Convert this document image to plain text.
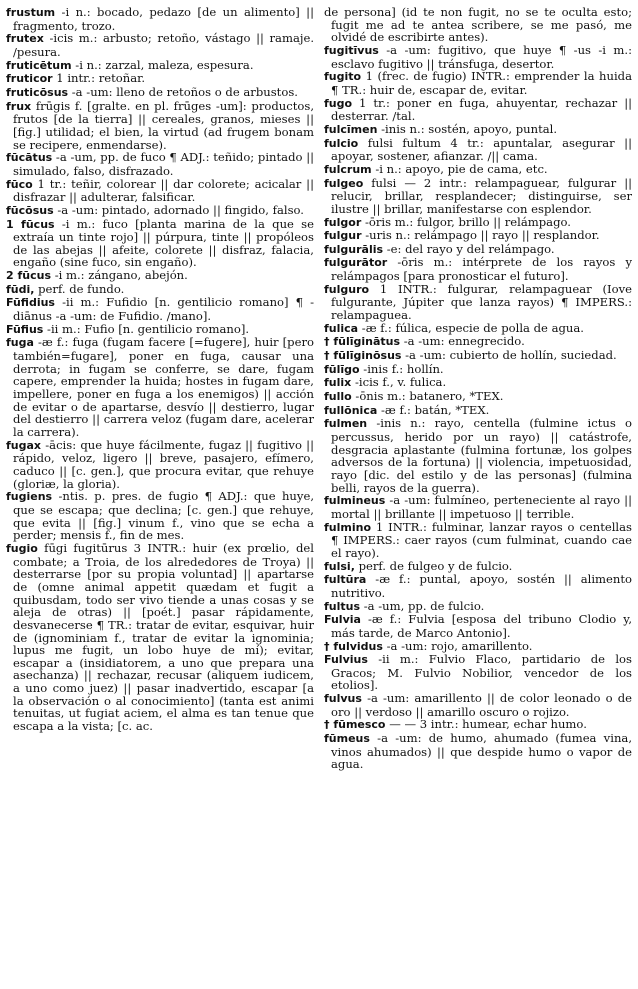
frustum -i n.: bocado, pedazo [de un alimento] || fragmento, trozo.

frutex -icis m.: arbusto; retoño, vástago || ramaje. /pesura.

fruticētum -i n.: zarzal, maleza, espesura.

fruticor 1 intr.: retoñar.

fruticōsus -a -um: lleno de retoños o de arbustos.

frux frūgis f. [gralte. en pl. frūges -um]: productos, frutos [de la tierra] || cereales, granos, mieses || [fig.] utilidad; el bien, la virtud (ad frugem bonam se recipere, enmendarse).

fūcātus -a -um, pp. de fuco ¶ ADJ.: teñido; pintado || simulado, falso, disfrazado.

fūco 1 tr.: teñir, colorear || dar colorete; acicalar || disfrazar || adulterar, falsificar.

fūcōsus -a -um: pintado, adornado || fingido, falso.

1 fūcus -i m.: fuco [planta marina de la que se extraía un tinte rojo] || púrpura, tinte || propóleos de las abejas || afeite, colorete || disfraz, falacia, engaño (sine fuco, sin engaño).

2 fūcus -i m.: zángano, abejón.

fūdi, perf. de fundo.

Fūfidius -ii m.: Fufidio [n. gentilicio romano] ¶ -diānus -a -um: de Fufidio. /mano].

Fūfius -ii m.: Fufio [n. gentilicio romano].

fuga -æ f.: fuga (fugam facere [=fugere], huir [pero también=fugare], poner en fuga, causar una derrota; in fugam se conferre, se dare, fugam capere, emprender la huida; hostes in fugam dare, impellere, poner en fuga a los enemigos) || acción de evitar o de apartarse, desvío || destierro, lugar del destierro || carrera veloz (fugam dare, acelerar la carrera).

fugax -ācis: que huye fácilmente, fugaz || fugitivo || rápido, veloz, ligero || breve, pasajero, efímero, caduco || [c. gen.], que procura evitar, que rehuye (gloriæ, la gloria).

fugiens -ntis. p. pres. de fugio ¶ ADJ.: que huye, que se escapa; que declina; [c. gen.] que rehuye, que evita || [fig.] vinum f., vino que se echa a perder; mensis f., fin de mes.

fugio fūgi fugitūrus 3 INTR.: huir (ex prœlio, del combate; a Troia, de los alrededores de Troya) || desterrarse [por su propia voluntad] || apartarse de (omne animal appetit quædam et fugit a quibusdam, todo ser vivo tiende a unas cosas y se aleja de otras) || [poét.] pasar rápidamente, desvanecerse ¶ TR.: tratar de evitar, esquivar, huir de (ignominiam f., tratar de evitar la ignominia; lupus me fugit, un lobo huye de mí); evitar, escapar a (insidiatorem, a uno que prepara una asechanza) || rechazar, recusar (aliquem iudicem, a uno como juez) || pasar inadvertido, escapar [a la observación o al conocimiento] (tanta est animi tenuitas, ut fugiat aciem, el alma es tan tenue que escapa a la vista; [c. ac.

de persona] (id te non fugit, no se te oculta esto; fugit me ad te antea scribere, se me pasó, me olvidé de escribirte antes).

fugitīvus -a -um: fugitivo, que huye ¶ -us -i m.: esclavo fugitivo || tránsfuga, desertor.

fugito 1 (frec. de fugio) INTR.: emprender la huida ¶ TR.: huir de, escapar de, evitar.

fugo 1 tr.: poner en fuga, ahuyentar, rechazar || desterrar. /tal.

fulcīmen -inis n.: sostén, apoyo, puntal.

fulcio fulsi fultum 4 tr.: apuntalar, asegurar || apoyar, sostener, afianzar. /|| cama.

fulcrum -i n.: apoyo, pie de cama, etc.

fulgeo fulsi — 2 intr.: relampaguear, fulgurar || relucir, brillar, resplandecer; distinguirse, ser ilustre || brillar, manifestarse con esplendor.

fulgor -ōris m.: fulgor, brillo || relámpago.

fulgur -uris n.: relámpago || rayo || resplandor.

fulgurālis -e: del rayo y del relámpago.

fulgurātor -ōris m.: intérprete de los rayos y relámpagos [para pronosticar el futuro].

fulguro 1 INTR.: fulgurar, relampaguear (Iove fulgurante, Júpiter que lanza rayos) ¶ IMPERS.: relampaguea.

fulica -æ f.: fúlica, especie de polla de agua.

† fūlīginātus -a -um: ennegrecido.

† fūlīginōsus -a -um: cubierto de hollín, suciedad.

fūlīgo -inis f.: hollín.

fulix -icis f., v. fulica.

fullo -ōnis m.: batanero, *TEX.

fullōnica -æ f.: batán, *TEX.

fulmen -inis n.: rayo, centella (fulmine ictus o percussus, herido por un rayo) || catástrofe, desgracia aplastante (fulmina fortunæ, los golpes adversos de la fortuna) || violencia, impetuosidad, rayo [dic. del estilo y de las personas] (fulmina belli, rayos de la guerra).

fulmineus -a -um: fulmíneo, perteneciente al rayo || mortal || brillante || impetuoso || terrible.

fulmino 1 INTR.: fulminar, lanzar rayos o centellas ¶ IMPERS.: caer rayos (cum fulminat, cuando cae el rayo).

fulsi, perf. de fulgeo y de fulcio.

fultūra -æ f.: puntal, apoyo, sostén || alimento nutritivo.

fultus -a -um, pp. de fulcio.

Fulvia -æ f.: Fulvia [esposa del tribuno Clodio y, más tarde, de Marco Antonio].

† fulvidus -a -um: rojo, amarillento.

Fulvius -ii m.: Fulvio Flaco, partidario de los Gracos; M. Fulvio Nobilior, vencedor de los etolios].

fulvus -a -um: amarillento || de color leonado o de oro || verdoso || amarillo oscuro o rojizo.

† fūmesco — — 3 intr.: humear, echar humo.

fūmeus -a -um: de humo, ahumado (fumea vina, vinos ahumados) || que despide humo o vapor de agua.
